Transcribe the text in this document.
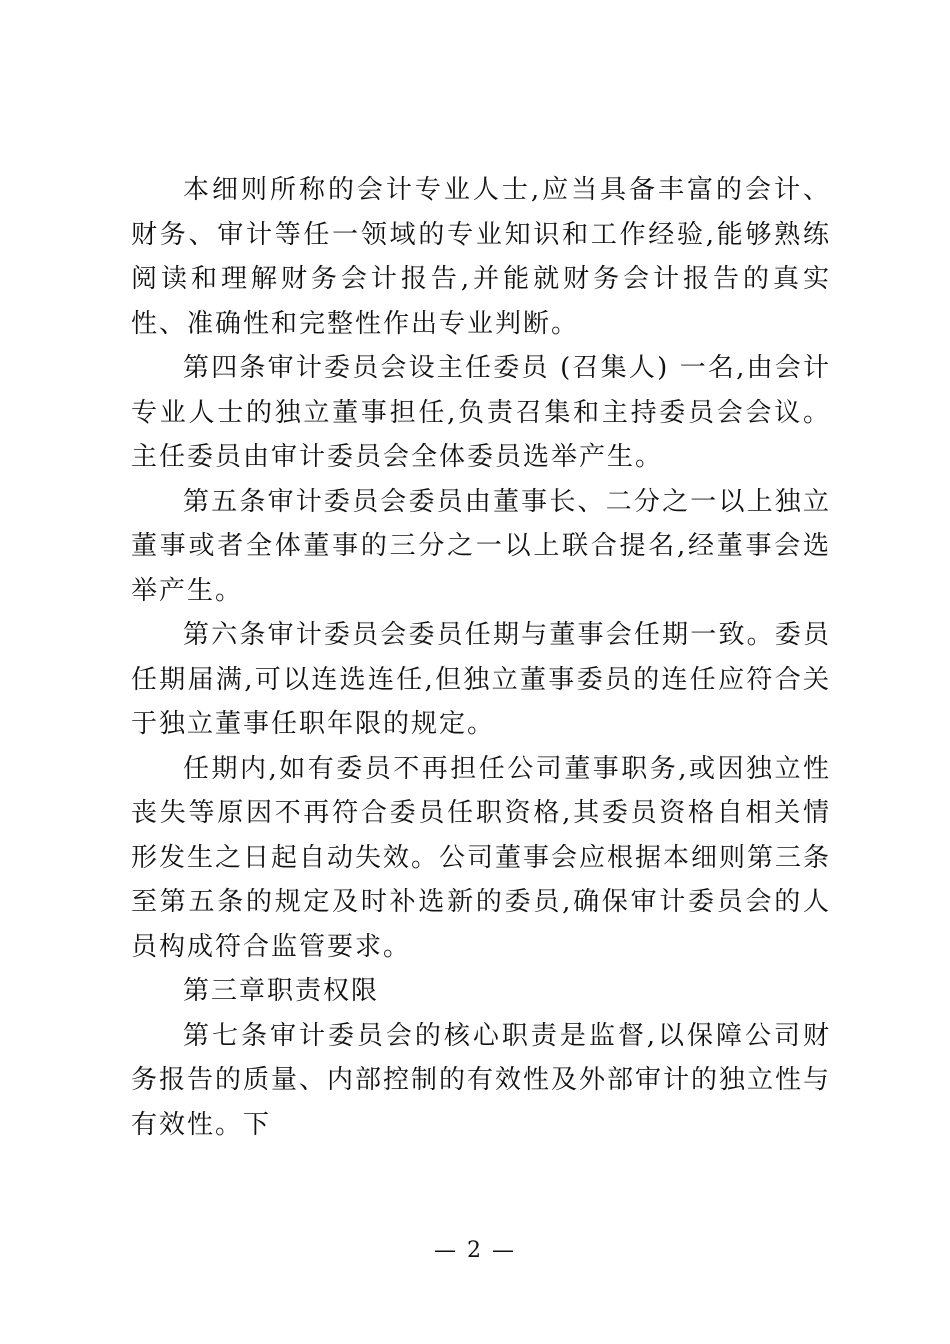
本细则所称的会计专业人士,应当具备丰富的会计、财务、审计等任一领域的专业知识和工作经验,能够熟练阅读和理解财务会计报告,并能就财务会计报告的真实性、准确性和完整性作出专业判断。

第四条审计委员会设主任委员 (召集人) 一名,由会计专业人士的独立董事担任,负责召集和主持委员会会议。主任委员由审计委员会全体委员选举产生。

第五条审计委员会委员由董事长、二分之一以上独立董事或者全体董事的三分之一以上联合提名,经董事会选举产生。

第六条审计委员会委员任期与董事会任期一致。委员任期届满,可以连选连任,但独立董事委员的连任应符合关于独立董事任职年限的规定。

任期内,如有委员不再担任公司董事职务,或因独立性丧失等原因不再符合委员任职资格,其委员资格自相关情形发生之日起自动失效。公司董事会应根据本细则第三条至第五条的规定及时补选新的委员,确保审计委员会的人员构成符合监管要求。

第三章职责权限

第七条审计委员会的核心职责是监督,以保障公司财务报告的质量、内部控制的有效性及外部审计的独立性与有效性。下

— 2 —
